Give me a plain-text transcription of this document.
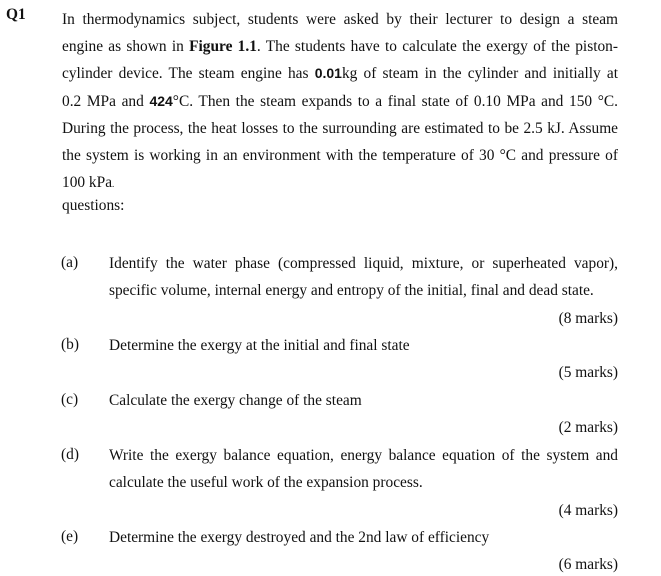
Q1 In thermodynamics subject, students were asked by their lecturer to design a steam
engine as shown in Figure 1.1. The students have to calculate the exergy of the piston-
cylinder device. The steam engine has 0.01kg of steam in the cylinder and initially at
0.2 MPa and 424°C. Then the steam expands to a final state of 0.10 MPa and 150 °C.
During the process, the heat losses to the surrounding are estimated to be 2.5 kJ. Assume
the system is working in an environment with the temperature of 30 °C and pressure of
100 kPa.
questions:
(a) Identify the water phase (compressed liquid, mixture, or superheated vapor),
specific volume, internal energy and entropy of the initial, final and dead state.
(8 marks)
(b) Determine the exergy at the initial and final state
(5 marks)
(c) Calculate the exergy change of the steam
(2 marks)
(d) Write the exergy balance equation, energy balance equation of the system and
calculate the useful work of the expansion process.
(4 marks)
(e) Determine the exergy destroyed and the 2nd law of efficiency
(6 marks)
